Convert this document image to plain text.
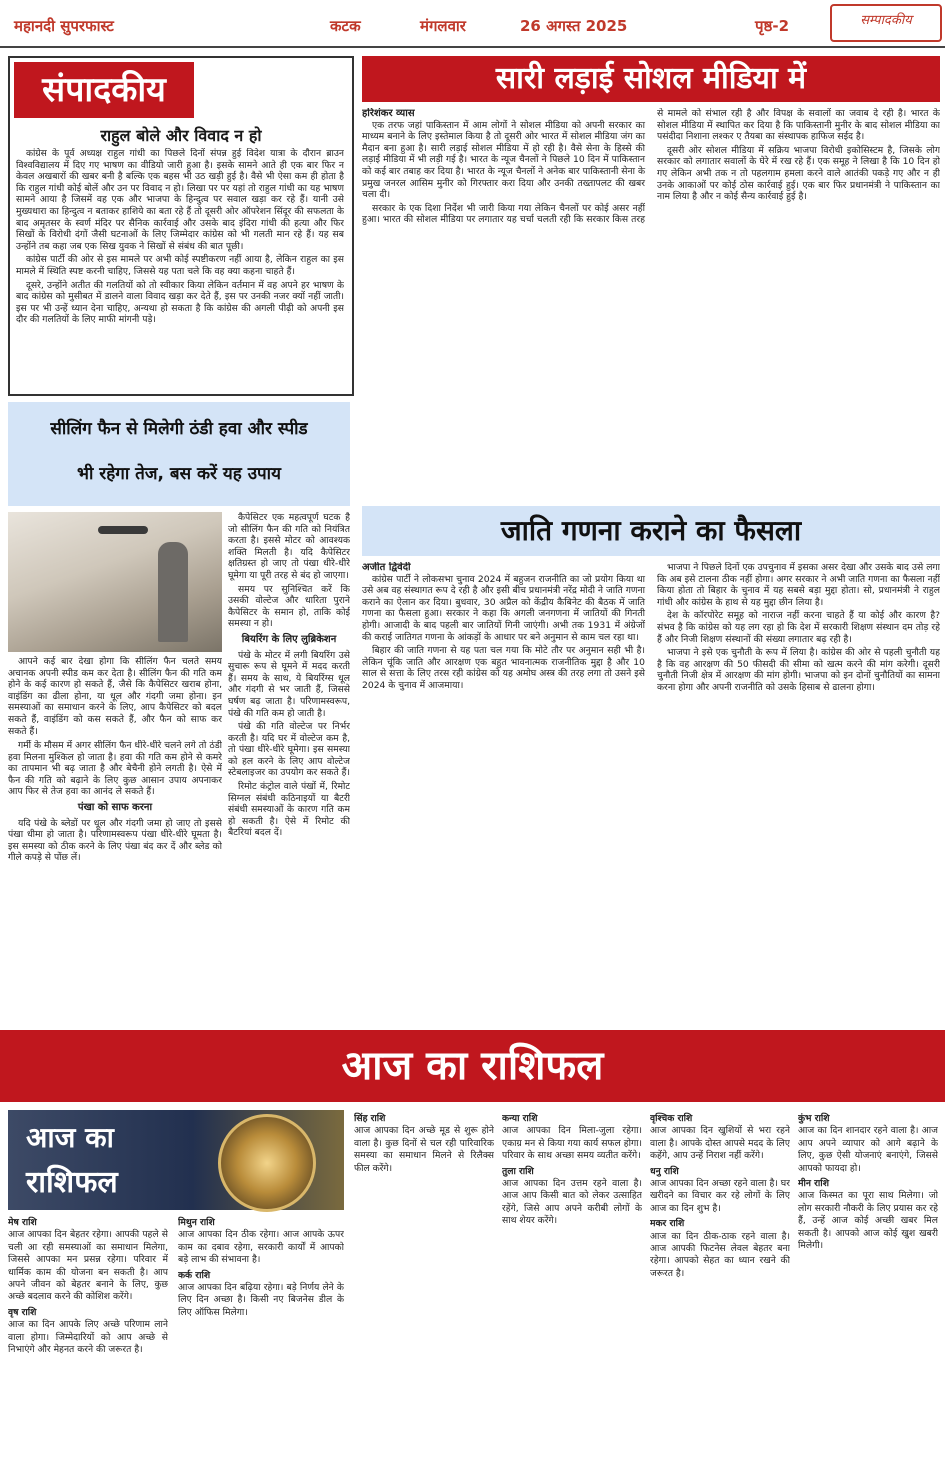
महानदी सुपरफास्ट	कटक	मंगलवार	26 अगस्त 2025	पृष्ठ-2	सम्पादकीय
संपादकीय
राहुल बोले और विवाद न हो

कांग्रेस के पूर्व अध्यक्ष राहुल गांधी का पिछले दिनों संपन्न हुई विदेश यात्रा के दौरान ब्राउन विश्वविद्यालय में दिए गए भाषण का वीडियो जारी हुआ है। इसके सामने आते ही एक बार फिर न केवल अखबारों की खबर बनी है बल्कि एक बहस भी उठ खड़ी हुई है। वैसे भी ऐसा कम ही होता है कि राहुल गांधी कोई बोलें और उन पर विवाद न हो। लिखा पर पर यहां तो राहुल गांधी का यह भाषण सामने आया है जिसमें वह एक और भाजपा के हिन्दुत्व पर सवाल खड़ा कर रहे हैं। यानी उसे मुख्यधारा का हिन्दुत्व न बताकर हाशिये का बता रहे हैं तो दूसरी ओर ऑपरेशन सिंदूर की सफलता के बाद अमृतसर के स्वर्ण मंदिर पर सैनिक कार्रवाई और उसके बाद इंदिरा गांधी की हत्या और फिर सिखों के विरोधी दंगों जैसी घटनाओं के लिए जिम्मेदार कांग्रेस को भी गलती मान रहे हैं। यह सब उन्होंने तब कहा जब एक सिख युवक ने सिखों से संबंध की बात पूछी।

कांग्रेस पार्टी की ओर से इस मामले पर अभी कोई स्पष्टीकरण नहीं आया है, लेकिन राहुल का इस मामले में स्थिति स्पष्ट करनी चाहिए, जिससे यह पता चले कि वह क्या कहना चाहते हैं।

दूसरे, उन्होंने अतीत की गलतियों को तो स्वीकार किया लेकिन वर्तमान में वह अपने हर भाषण के बाद कांग्रेस को मुसीबत में डालने वाला विवाद खड़ा कर देते हैं, इस पर उनकी नजर क्यों नहीं जाती। इस पर भी उन्हें ध्यान देना चाहिए, अन्यथा हो सकता है कि कांग्रेस की अगली पीढ़ी को अपनी इस दौर की गलतियों के लिए माफी मांगनी पड़े।

सारी लड़ाई सोशल मीडिया में
हरिशंकर व्यास

एक तरफ जहां पाकिस्तान में आम लोगों ने सोशल मीडिया को अपनी सरकार का माध्यम बनाने के लिए इस्तेमाल किया है तो दूसरी ओर भारत में सोशल मीडिया जंग का मैदान बना हुआ है। सारी लड़ाई सोशल मीडिया में हो रही है। वैसे सेना के हिस्से की लड़ाई मीडिया में भी लड़ी गई है। भारत के न्यूज चैनलों ने पिछले 10 दिन में पाकिस्तान को कई बार तबाह कर दिया है। भारत के न्यूज चैनलों ने अनेक बार पाकिस्तानी सेना के प्रमुख जनरल आसिम मुनीर को गिरफ्तार करा दिया और उनकी तख्तापलट की खबर चला दी।

सरकार के एक दिशा निर्देश भी जारी किया गया लेकिन चैनलों पर कोई असर नहीं हुआ। भारत की सोशल मीडिया पर लगातार यह चर्चा चलती रही कि सरकार किस तरह से मामले को संभाल रही है और विपक्ष के सवालों का जवाब दे रही है। भारत के सोशल मीडिया में स्थापित कर दिया है कि पाकिस्तानी मुनीर के बाद सोशल मीडिया का पसंदीदा निशाना लश्कर ए तैयबा का संस्थापक हाफिज सईद है।

दूसरी ओर सोशल मीडिया में सक्रिय भाजपा विरोधी इकोसिस्टम है, जिसके लोग सरकार को लगातार सवालों के घेरे में रख रहे हैं। एक समूह ने लिखा है कि 10 दिन हो गए लेकिन अभी तक न तो पहलगाम हमला करने वाले आतंकी पकड़े गए और न ही उनके आकाओं पर कोई ठोस कार्रवाई हुई। एक बार फिर प्रधानमंत्री ने पाकिस्तान का नाम लिया है और न कोई सैन्य कार्रवाई हुई है।

सीलिंग फैन से मिलेगी ठंडी हवा और स्पीड
भी रहेगा तेज, बस करें यह उपाय

आपने कई बार देखा होगा कि सीलिंग फैन चलते समय अचानक अपनी स्पीड कम कर देता है। सीलिंग फैन की गति कम होने के कई कारण हो सकते हैं, जैसे कि कैपेसिटर खराब होना, वाइंडिंग का ढीला होना, या धूल और गंदगी जमा होना। इन समस्याओं का समाधान करने के लिए, आप कैपेसिटर को बदल सकते हैं, वाइंडिंग को कस सकते हैं, और फैन को साफ कर सकते हैं।

गर्मी के मौसम में अगर सीलिंग फैन धीरे-धीरे चलने लगे तो ठंडी हवा मिलना मुश्किल हो जाता है। हवा की गति कम होने से कमरे का तापमान भी बढ़ जाता है और बेचैनी होने लगती है। ऐसे में फैन की गति को बढ़ाने के लिए कुछ आसान उपाय अपनाकर आप फिर से तेज हवा का आनंद ले सकते हैं।

पंखा को साफ करना

यदि पंखे के ब्लेडों पर धूल और गंदगी जमा हो जाए तो इससे पंखा धीमा हो जाता है। परिणामस्वरूप पंखा धीरे-धीरे घूमता है। इस समस्या को ठीक करने के लिए पंखा बंद कर दें और ब्लेड को गीले कपड़े से पोंछ लें।

कैपेसिटर एक महत्वपूर्ण घटक है जो सीलिंग फैन की गति को नियंत्रित करता है। इससे मोटर को आवश्यक शक्ति मिलती है। यदि कैपेसिटर क्षतिग्रस्त हो जाए तो पंखा धीरे-धीरे घूमेगा या पूरी तरह से बंद हो जाएगा।

समय पर सुनिश्चित करें कि उसकी वोल्टेज और धारिता पुराने कैपेसिटर के समान हो, ताकि कोई समस्या न हो।

बियरिंग के लिए लुब्रिकेशन

पंखे के मोटर में लगी बियरिंग उसे सुचारू रूप से घूमने में मदद करती हैं। समय के साथ, ये बियरिंग्स धूल और गंदगी से भर जाती हैं, जिससे घर्षण बढ़ जाता है। परिणामस्वरूप, पंखे की गति कम हो जाती है।

पंखे की गति वोल्टेज पर निर्भर करती है। यदि घर में वोल्टेज कम है, तो पंखा धीरे-धीरे घूमेगा। इस समस्या को हल करने के लिए आप वोल्टेज स्टेबलाइजर का उपयोग कर सकते हैं।

रिमोट कंट्रोल वाले पंखों में, रिमोट सिग्नल संबंधी कठिनाइयों या बैटरी संबंधी समस्याओं के कारण गति कम हो सकती है। ऐसे में रिमोट की बैटरियां बदल दें।

जाति गणना कराने का फैसला
अजीत द्विवेदी

कांग्रेस पार्टी ने लोकसभा चुनाव 2024 में बहुजन राजनीति का जो प्रयोग किया था उसे अब वह संस्थागत रूप दे रही है और इसी बीच प्रधानमंत्री नरेंद्र मोदी ने जाति गणना कराने का ऐलान कर दिया। बुधवार, 30 अप्रैल को केंद्रीय कैबिनेट की बैठक में जाति गणना का फैसला हुआ। सरकार ने कहा कि अगली जनगणना में जातियों की गिनती होगी। आजादी के बाद पहली बार जातियों गिनी जाएंगी। अभी तक 1931 में अंग्रेजों की कराई जातिगत गणना के आंकड़ों के आधार पर बने अनुमान से काम चल रहा था।

बिहार की जाति गणना से यह पता चल गया कि मोटे तौर पर अनुमान सही भी है। लेकिन चूंकि जाति और आरक्षण एक बहुत भावनात्मक राजनीतिक मुद्दा है और 10 साल से सत्ता के लिए तरस रही कांग्रेस को यह अमोघ अस्त्र की तरह लगा तो उसने इसे 2024 के चुनाव में आजमाया।

भाजपा ने पिछले दिनों एक उपचुनाव में इसका असर देखा और उसके बाद उसे लगा कि अब इसे टालना ठीक नहीं होगा। अगर सरकार ने अभी जाति गणना का फैसला नहीं किया होता तो बिहार के चुनाव में यह सबसे बड़ा मुद्दा होता। सो, प्रधानमंत्री ने राहुल गांधी और कांग्रेस के हाथ से यह मुद्दा छीन लिया है।

देश के कॉरपोरेट समूह को नाराज नहीं करना चाहते हैं या कोई और कारण है? संभव है कि कांग्रेस को यह लग रहा हो कि देश में सरकारी शिक्षण संस्थान दम तोड़ रहे हैं और निजी शिक्षण संस्थानों की संख्या लगातार बढ़ रही है।

भाजपा ने इसे एक चुनौती के रूप में लिया है। कांग्रेस की ओर से पहली चुनौती यह है कि वह आरक्षण की 50 फीसदी की सीमा को खत्म करने की मांग करेगी। दूसरी चुनौती निजी क्षेत्र में आरक्षण की मांग होगी। भाजपा को इन दोनों चुनौतियों का सामना करना होगा और अपनी राजनीति को उसके हिसाब से ढालना होगा।

आज का राशिफल
आज का
राशिफल
मेष राशि
आज आपका दिन बेहतर रहेगा। आपकी पहले से चली आ रही समस्याओं का समाधान मिलेगा, जिससे आपका मन प्रसन्न रहेगा। परिवार में धार्मिक काम की योजना बन सकती है। आप अपने जीवन को बेहतर बनाने के लिए, कुछ अच्छे बदलाव करने की कोशिश करेंगे।
वृष राशि
आज का दिन आपके लिए अच्छे परिणाम लाने वाला होगा। जिम्मेदारियों को आप अच्छे से निभाएंगे और मेहनत करने की जरूरत है।
मिथुन राशि
आज आपका दिन ठीक रहेगा। आज आपके ऊपर काम का दबाव रहेगा, सरकारी कार्यों में आपको बड़े लाभ की संभावना है।
कर्क राशि
आज आपका दिन बढ़िया रहेगा। बड़े निर्णय लेने के लिए दिन अच्छा है। किसी नए बिजनेस डील के लिए ऑफिस मिलेगा।
सिंह राशि
आज आपका दिन अच्छे मूड से शुरू होने वाला है। कुछ दिनों से चल रही पारिवारिक समस्या का समाधान मिलने से रिलैक्स फील करेंगे।
कन्या राशि
आज आपका दिन मिला-जुला रहेगा। एकाग्र मन से किया गया कार्य सफल होगा। परिवार के साथ अच्छा समय व्यतीत करेंगे।
तुला राशि
आज आपका दिन उत्तम रहने वाला है। आज आप किसी बात को लेकर उत्साहित रहेंगे, जिसे आप अपने करीबी लोगों के साथ शेयर करेंगे।
वृश्चिक राशि
आज आपका दिन खुशियों से भरा रहने वाला है। आपके दोस्त आपसे मदद के लिए कहेंगे, आप उन्हें निराश नहीं करेंगे।
धनु राशि
आज आपका दिन अच्छा रहने वाला है। घर खरीदने का विचार कर रहे लोगों के लिए आज का दिन शुभ है।
मकर राशि
आज का दिन ठीक-ठाक रहने वाला है। आज आपकी फिटनेस लेवल बेहतर बना रहेगा। आपको सेहत का ध्यान रखने की जरूरत है।
कुंभ राशि
आज का दिन शानदार रहने वाला है। आज आप अपने व्यापार को आगे बढ़ाने के लिए, कुछ ऐसी योजनाएं बनाएंगे, जिससे आपको फायदा हो।
मीन राशि
आज किस्मत का पूरा साथ मिलेगा। जो लोग सरकारी नौकरी के लिए प्रयास कर रहे हैं, उन्हें आज कोई अच्छी खबर मिल सकती है। आपको आज कोई खुश खबरी मिलेगी।
